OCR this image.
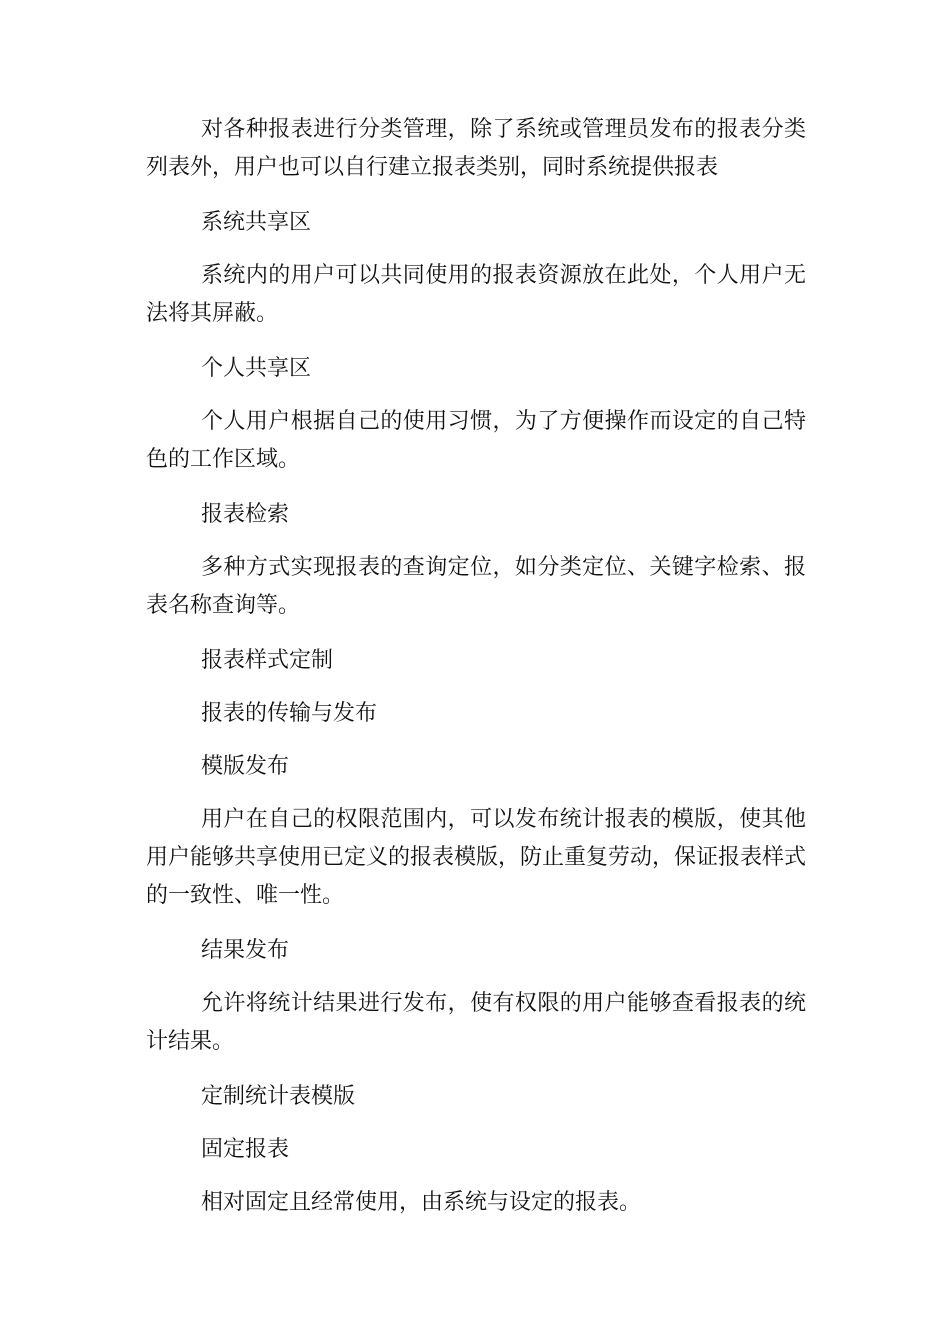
对各种报表进行分类管理，除了系统或管理员发布的报表分类列表外，用户也可以自行建立报表类别，同时系统提供报表

系统共享区

系统内的用户可以共同使用的报表资源放在此处，个人用户无法将其屏蔽。

个人共享区

个人用户根据自己的使用习惯，为了方便操作而设定的自己特色的工作区域。

报表检索

多种方式实现报表的查询定位，如分类定位、关键字检索、报表名称查询等。

报表样式定制

报表的传输与发布

模版发布

用户在自己的权限范围内，可以发布统计报表的模版，使其他用户能够共享使用已定义的报表模版，防止重复劳动，保证报表样式的一致性、唯一性。

结果发布

允许将统计结果进行发布，使有权限的用户能够查看报表的统计结果。

定制统计表模版

固定报表

相对固定且经常使用，由系统与设定的报表。
